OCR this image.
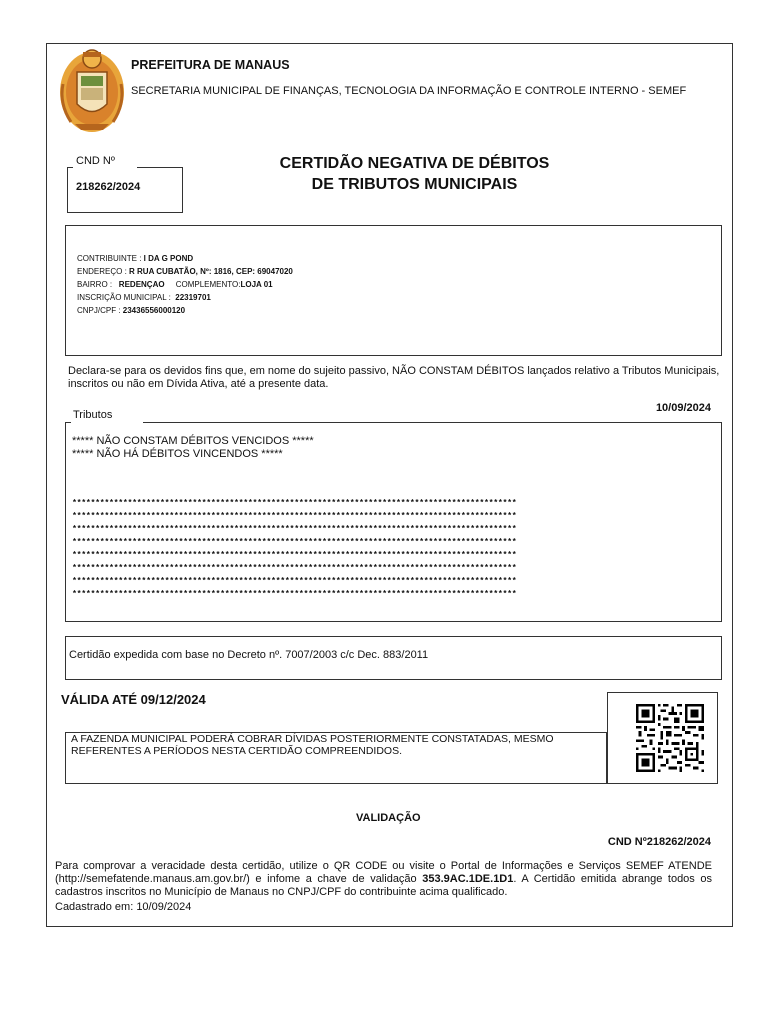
PREFEITURA DE MANAUS
SECRETARIA MUNICIPAL DE FINANÇAS, TECNOLOGIA DA INFORMAÇÃO E CONTROLE INTERNO - SEMEF
218262/2024
CND Nº	CERTIDÃO NEGATIVA DE DÉBITOS
DE TRIBUTOS MUNICIPAIS
CONTRIBUINTE : I DA G POND
ENDEREÇO : R RUA CUBATÃO, Nº: 1816, CEP: 69047020
BAIRRO :   REDENÇAO COMPLEMENTO:LOJA 01
INSCRIÇÃO MUNICIPAL :  22319701
CNPJ/CPF : 23436556000120
Declara-se para os devidos fins que, em nome do sujeito passivo, NÃO CONSTAM DÉBITOS lançados relativo a Tributos Municipais, inscritos ou não em Dívida Ativa, até a presente data.
10/09/2024
***** NÃO CONSTAM DÉBITOS VENCIDOS *****
***** NÃO HÁ DÉBITOS VINCENDOS *****
************************************************************************************************
************************************************************************************************
************************************************************************************************
************************************************************************************************
************************************************************************************************
************************************************************************************************
************************************************************************************************
************************************************************************************************
Tributos
Certidão expedida com base no Decreto nº. 7007/2003 c/c Dec. 883/2011
VÁLIDA ATÉ 09/12/2024
A FAZENDA MUNICIPAL PODERÁ COBRAR DÍVIDAS POSTERIORMENTE CONSTATADAS, MESMO REFERENTES A PERÍODOS NESTA CERTIDÃO COMPREENDIDOS.
VALIDAÇÃO
CND Nº218262/2024
Para comprovar a veracidade desta certidão, utilize o QR CODE ou visite o Portal de Informações e Serviços SEMEF ATENDE (http://semefatende.manaus.am.gov.br/) e infome a chave de validação 353.9AC.1DE.1D1. A Certidão emitida abrange todos os cadastros inscritos no Município de Manaus no CNPJ/CPF do contribuinte acima qualificado.
Cadastrado em: 10/09/2024
